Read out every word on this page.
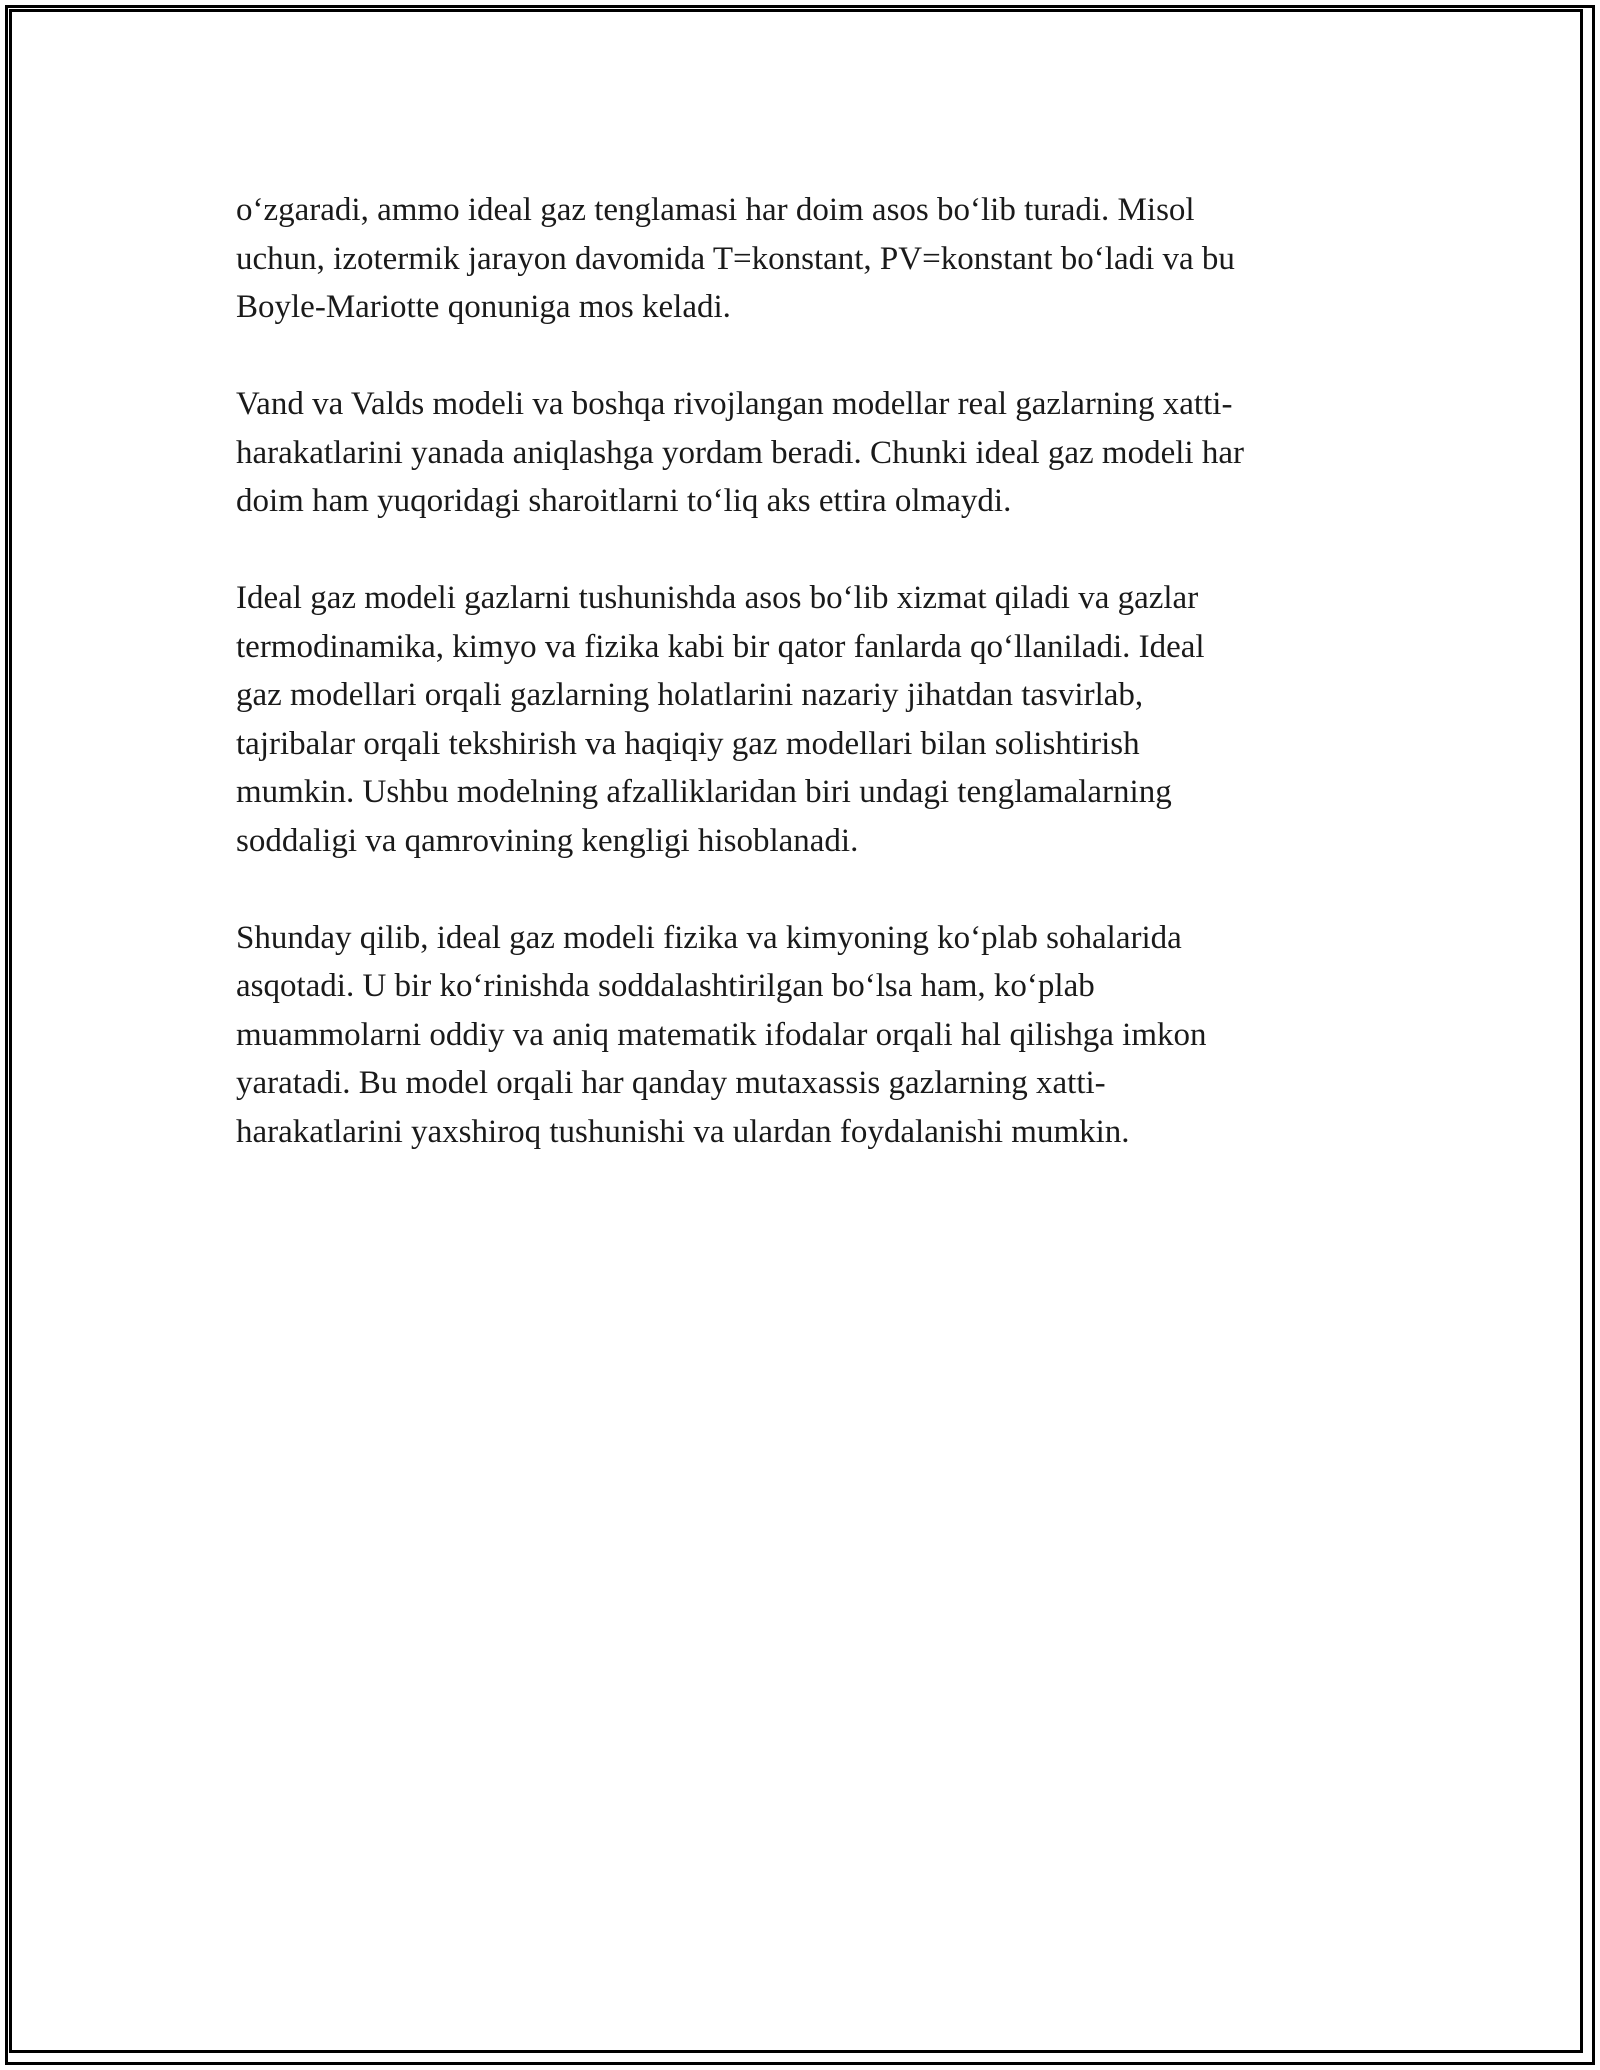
o‘zgaradi, ammo ideal gaz tenglamasi har doim asos bo‘lib turadi. Misol
uchun, izotermik jarayon davomida T=konstant, PV=konstant bo‘ladi va bu
Boyle-Mariotte qonuniga mos keladi.

Vand va Valds modeli va boshqa rivojlangan modellar real gazlarning xatti-
harakatlarini yanada aniqlashga yordam beradi. Chunki ideal gaz modeli har
doim ham yuqoridagi sharoitlarni to‘liq aks ettira olmaydi.

Ideal gaz modeli gazlarni tushunishda asos bo‘lib xizmat qiladi va gazlar
termodinamika, kimyo va fizika kabi bir qator fanlarda qo‘llaniladi. Ideal
gaz modellari orqali gazlarning holatlarini nazariy jihatdan tasvirlab,
tajribalar orqali tekshirish va haqiqiy gaz modellari bilan solishtirish
mumkin. Ushbu modelning afzalliklaridan biri undagi tenglamalarning
soddaligi va qamrovining kengligi hisoblanadi.

Shunday qilib, ideal gaz modeli fizika va kimyoning ko‘plab sohalarida
asqotadi. U bir ko‘rinishda soddalashtirilgan bo‘lsa ham, ko‘plab
muammolarni oddiy va aniq matematik ifodalar orqali hal qilishga imkon
yaratadi. Bu model orqali har qanday mutaxassis gazlarning xatti-
harakatlarini yaxshiroq tushunishi va ulardan foydalanishi mumkin.
